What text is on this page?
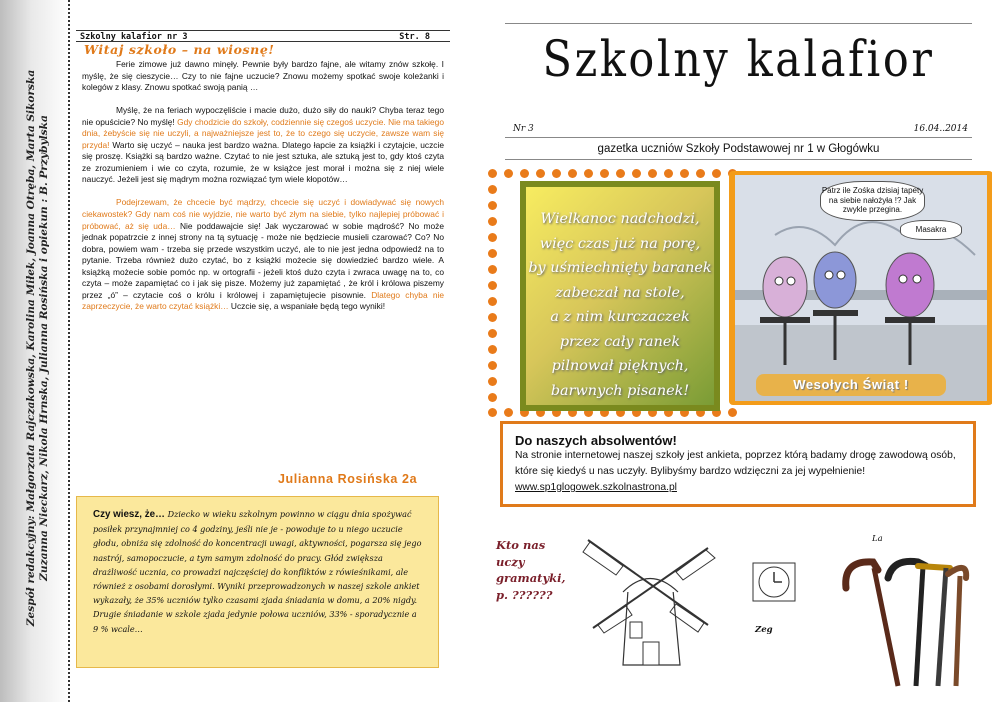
Zespół redakcyjny: Małgorzata Rajczakowska, Karolina Miłek, Joanna Otręba, Marta Sikorska Zuzanna Nieckarz, Nikola Hrnska, Julianna Rosińska i opiekun : B. Przybylska
Szkolny kalafior nr 3	Str. 8
Witaj szkoło – na wiosnę!

Ferie zimowe już dawno minęły. Pewnie były bardzo fajne, ale witamy znów szkołę. I myślę, że się cieszycie… Czy to nie fajne uczucie? Znowu możemy spotkać swoje koleżanki i kolegów z klasy. Znowu spotkać swoją panią …

Myślę, że na feriach wypoczęliście i macie dużo, dużo siły do nauki? Chyba teraz tego nie opuścicie? No myślę! Gdy chodzicie do szkoły, codziennie się czegoś uczycie. Nie ma takiego dnia, żebyście się nie uczyli, a najważniejsze jest to, że to czego się uczycie, zawsze wam się przyda! Warto się uczyć – nauka jest bardzo ważna. Dlatego łapcie za książki i czytajcie, uczcie się proszę. Książki są bardzo ważne. Czytać to nie jest sztuka, ale sztuką jest to, gdy ktoś czyta ze zrozumieniem i wie co czyta, rozumie, że w książce jest morał i można się z niej wiele nauczyć. Jeżeli jest się mądrym można rozwiązać tym wiele kłopotów…

Podejrzewam, że chcecie być mądrzy, chcecie się uczyć i dowiadywać się nowych ciekawostek? Gdy nam coś nie wyjdzie, nie warto być złym na siebie, tylko najlepiej próbować i próbować, aż się uda… Nie poddawajcie się! Jak wyczarować w sobie mądrość? No może jednak popatrzcie z innej strony na tą sytuację - może nie będziecie musieli czarować? Co? No dobra, powiem wam - trzeba się przede wszystkim uczyć, ale to nie jest jedna odpowiedź na to pytanie. Trzeba również dużo czytać, bo z książki możecie się dowiedzieć bardzo wiele. A książką możecie sobie pomóc np. w ortografii - jeżeli ktoś dużo czyta i zwraca uwagę na to, co czyta – może zapamiętać co i jak się pisze. Możemy już zapamiętać , że król i królowa piszemy przez „ó” – czytacie coś o królu i królowej i zapamiętujecie pisownie. Dlatego chyba nie zaprzeczycie, że warto czytać książki… Uczcie się, a wspaniałe będą tego wyniki!

Julianna Rosińska 2a
Czy wiesz, że… Dziecko w wieku szkolnym powinno w ciągu dnia spożywać posiłek przynajmniej co 4 godziny, jeśli nie je - powoduje to u niego uczucie głodu, obniża się zdolność do koncentracji uwagi, aktywności, pogarsza się jego nastrój, samopoczucie, a tym samym zdolność do pracy. Głód zwiększa drażliwość ucznia, co prowadzi najczęściej do konfliktów z rówieśnikami, ale również z osobami dorosłymi. Wyniki przeprowadzonych w naszej szkole ankiet wykazały, że 35% uczniów tylko czasami zjada śniadania w domu, a 20% nigdy. Drugie śniadanie w szkole zjada jedynie połowa uczniów, 33% - sporadycznie a 9 % wcale…
Szkolny kalafior
Nr 3	16.04..2014
gazetka uczniów Szkoły Podstawowej nr 1 w Głogówku
Wielkanoc nadchodzi,
więc czas już na porę,
by uśmiechnięty baranek
zabeczał na stole,
a z nim kurczaczek
przez cały ranek
pilnował pięknych,
barwnych pisanek!
Patrz ile Zośka dzisiaj tapety na siebie nałożyła !? Jak zwykle przegina.
Masakra
Wesołych Świąt !
Do naszych absolwentów!
Na stronie internetowej naszej szkoły jest ankieta, poprzez którą badamy drogę zawodową osób, które się kiedyś u nas uczyły. Bylibyśmy bardzo wdzięczni za jej wypełnienie! www.sp1glogowek.szkolnastrona.pl
Kto nas
uczy
gramatyki,
p. ??????
Zeg
La
